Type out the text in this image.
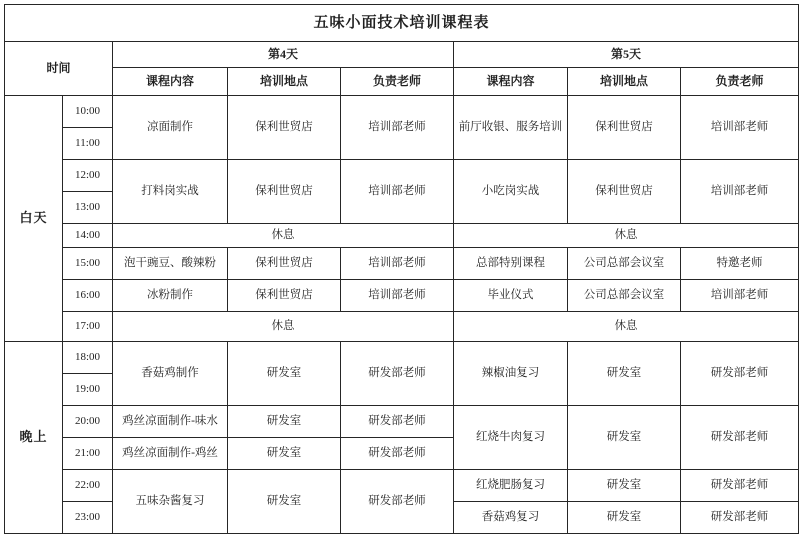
五味小面技术培训课程表							
时间		第4天			第5天		
		课程内容	培训地点	负责老师	课程内容	培训地点	负责老师
白天	10:00	凉面制作	保利世贸店	培训部老师	前厅收银、服务培训	保利世贸店	培训部老师
	11:00						
	12:00	打料岗实战	保利世贸店	培训部老师	小吃岗实战	保利世贸店	培训部老师
	13:00						
	14:00	休息			休息		
	15:00	泡干豌豆、酸辣粉	保利世贸店	培训部老师	总部特别课程	公司总部会议室	特邀老师
	16:00	冰粉制作	保利世贸店	培训部老师	毕业仪式	公司总部会议室	培训部老师
	17:00	休息			休息		
晚上	18:00	香菇鸡制作	研发室	研发部老师	辣椒油复习	研发室	研发部老师
	19:00						
	20:00	鸡丝凉面制作-味水	研发室	研发部老师	红烧牛肉复习	研发室	研发部老师
	21:00	鸡丝凉面制作-鸡丝	研发室	研发部老师			
	22:00	五味杂酱复习	研发室	研发部老师	红烧肥肠复习	研发室	研发部老师
	23:00				香菇鸡复习	研发室	研发部老师
